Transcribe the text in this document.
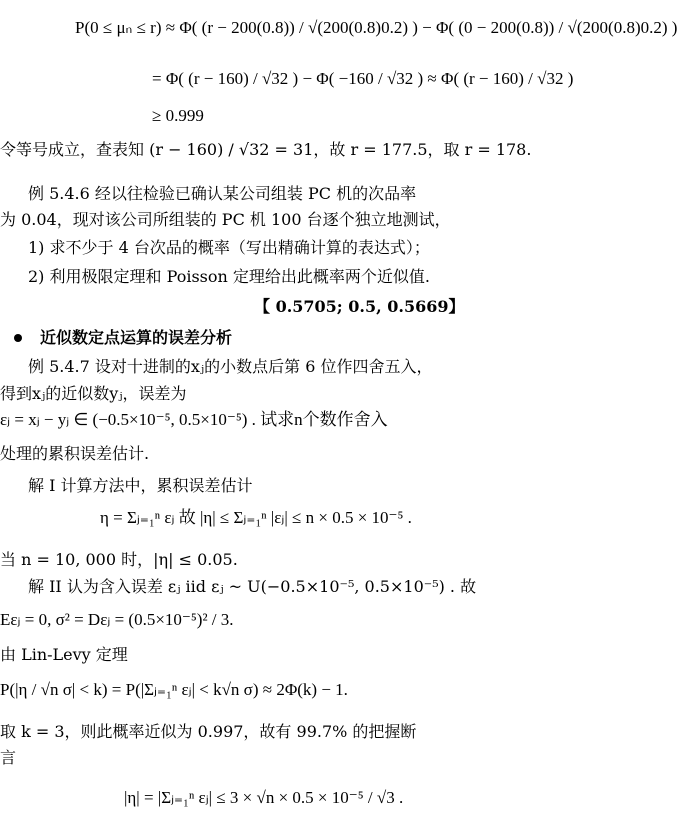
P(0 ≤ μₙ ≤ r) ≈ Φ( (r − 200(0.8)) / √(200(0.8)0.2) ) − Φ( (0 − 200(0.8)) / √(200(0.8)0.2) )
= Φ( (r − 160) / √32 ) − Φ( −160 / √32 ) ≈ Φ( (r − 160) / √32 )
≥ 0.999
令等号成立，查表知 (r − 160) / √32 = 31，故 r = 177.5，取 r = 178.
例 5.4.6 经以往检验已确认某公司组装 PC 机的次品率
为 0.04，现对该公司所组装的 PC 机 100 台逐个独立地测试，
1) 求不少于 4 台次品的概率（写出精确计算的表达式）；
2) 利用极限定理和 Poisson 定理给出此概率两个近似值.
【 0.5705; 0.5, 0.5669】
近似数定点运算的误差分析
例 5.4.7 设对十进制的xⱼ的小数点后第 6 位作四舍五入，
得到xⱼ的近似数yⱼ，误差为
εⱼ = xⱼ − yⱼ ∈ (−0.5×10⁻⁵, 0.5×10⁻⁵) . 试求n个数作舍入
处理的累积误差估计.
解 I 计算方法中，累积误差估计
η = Σⱼ₌₁ⁿ εⱼ 故 |η| ≤ Σⱼ₌₁ⁿ |εⱼ| ≤ n × 0.5 × 10⁻⁵ .
当 n = 10, 000 时，|η| ≤ 0.05.
解 II 认为含入误差 εⱼ iid εⱼ ~ U(−0.5×10⁻⁵, 0.5×10⁻⁵) . 故
Eεⱼ = 0, σ² = Dεⱼ = (0.5×10⁻⁵)² / 3.
由 Lin-Levy 定理
P(|η / √n σ| < k) = P(|Σⱼ₌₁ⁿ εⱼ| < k√n σ) ≈ 2Φ(k) − 1.
取 k = 3，则此概率近似为 0.997，故有 99.7% 的把握断
言
|η| = |Σⱼ₌₁ⁿ εⱼ| ≤ 3 × √n × 0.5 × 10⁻⁵ / √3 .
